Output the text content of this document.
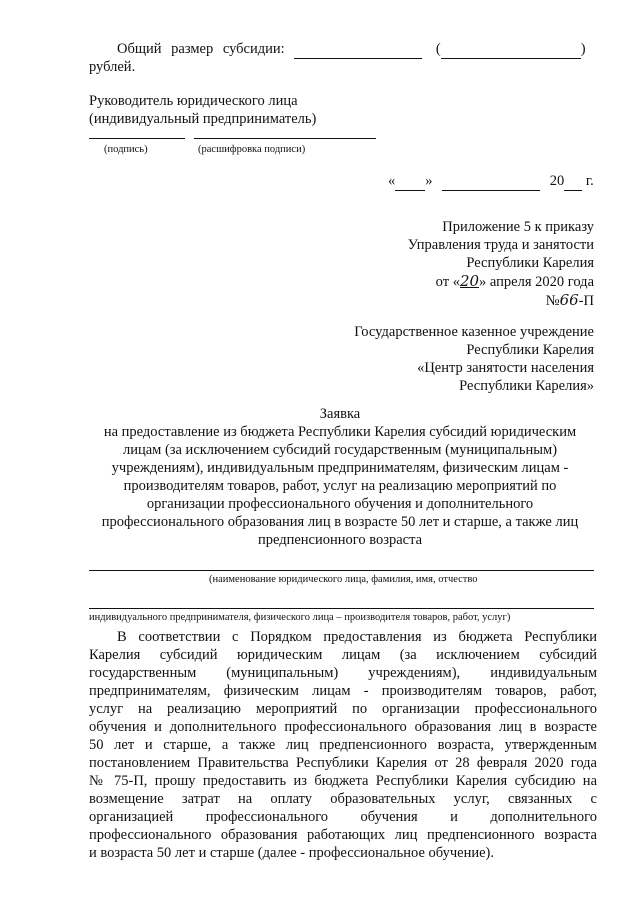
Общий размер субсидии:	(	)
рублей.
Руководитель юридического лица
(индивидуальный предприниматель)
(подпись)	(расшифровка подписи)
« »	20 г.
Приложение 5 к приказу
Управления труда и занятости
Республики Карелия
от «20» апреля 2020 года
№66-П
Государственное казенное учреждение
Республики Карелия
«Центр занятости населения
Республики Карелия»
Заявка
на предоставление из бюджета Республики Карелия субсидий юридическим
лицам (за исключением субсидий государственным (муниципальным)
учреждениям), индивидуальным предпринимателям, физическим лицам -
производителям товаров, работ, услуг на реализацию мероприятий по
организации профессионального обучения и дополнительного
профессионального образования лиц в возрасте 50 лет и старше, а также лиц
предпенсионного возраста
(наименование юридического лица, фамилия, имя, отчество
индивидуального предпринимателя, физического лица – производителя товаров, работ, услуг)
В соответствии с Порядком предоставления из бюджета Республики
Карелия субсидий юридическим лицам (за исключением субсидий
государственным (муниципальным) учреждениям), индивидуальным
предпринимателям, физическим лицам - производителям товаров, работ,
услуг на реализацию мероприятий по организации профессионального
обучения и дополнительного профессионального образования лиц в возрасте
50 лет и старше, а также лиц предпенсионного возраста, утвержденным
постановлением Правительства Республики Карелия от 28 февраля 2020 года
№ 75-П, прошу предоставить из бюджета Республики Карелия субсидию на
возмещение затрат на оплату образовательных услуг, связанных с
организацией профессионального обучения и дополнительного
профессионального образования работающих лиц предпенсионного возраста
и возраста 50 лет и старше (далее - профессиональное обучение).
